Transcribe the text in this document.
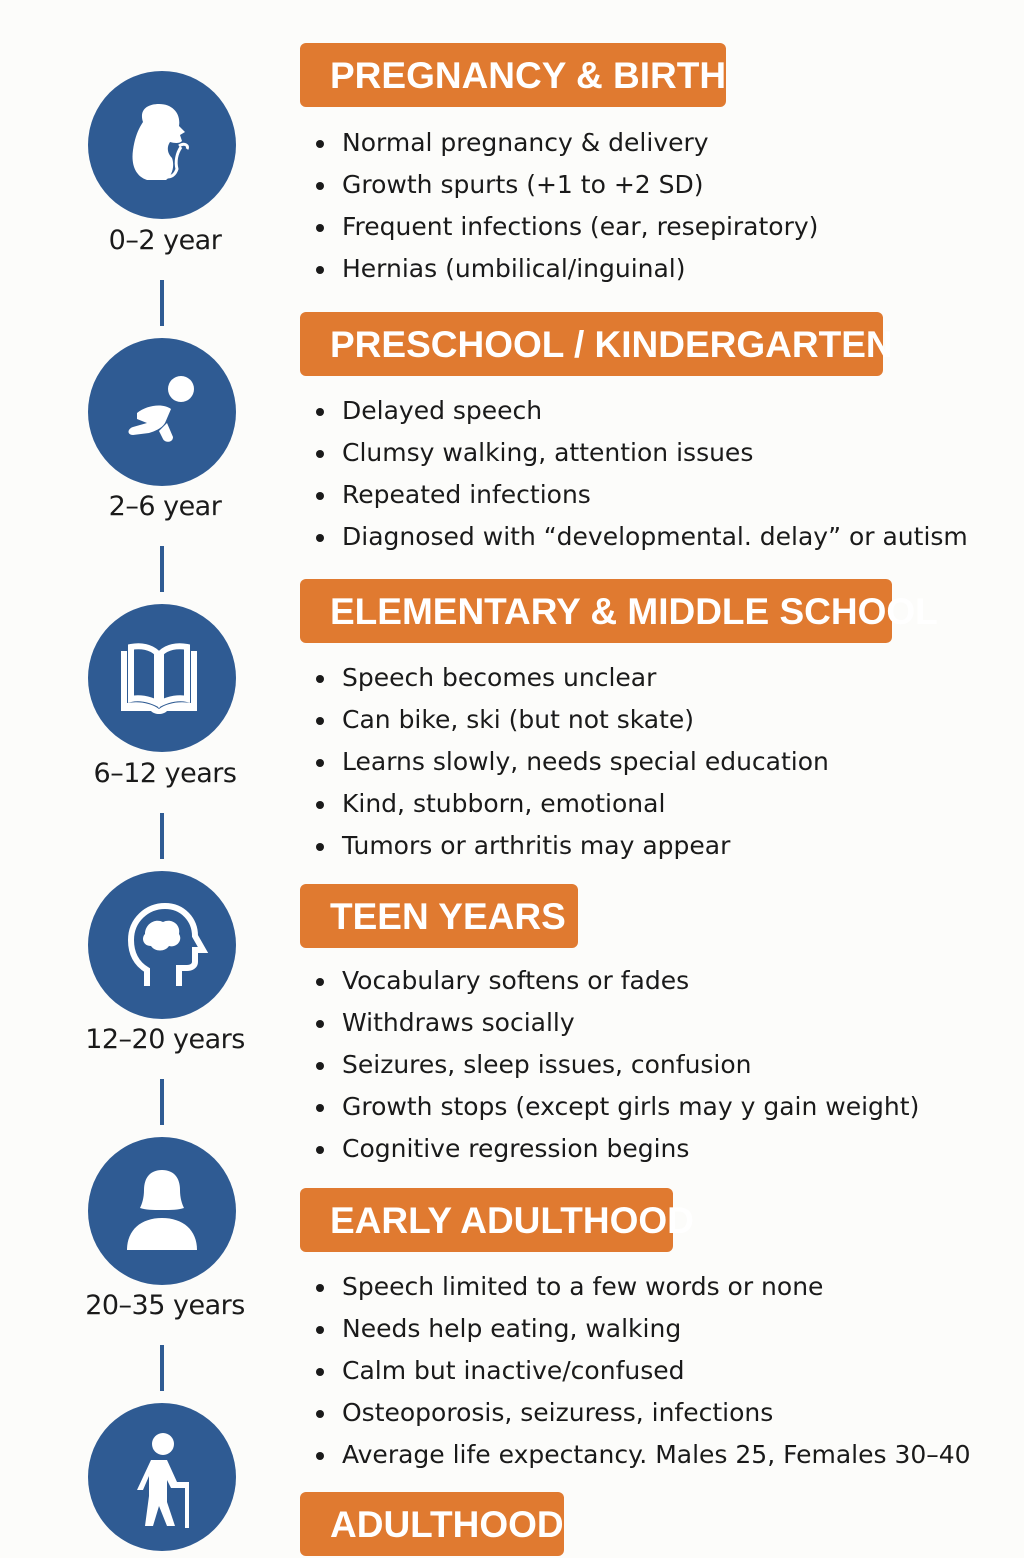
0–2 year
PREGNANCY & BIRTH
Normal pregnancy & delivery
Growth spurts (+1 to +2 SD)
Frequent infections (ear, resepiratory)
Hernias (umbilical/inguinal)
2–6 year
PRESCHOOL / KINDERGARTEN
Delayed speech
Clumsy walking, attention issues
Repeated infections
Diagnosed with “developmental. delay” or autism
6–12 years
ELEMENTARY & MIDDLE SCHOOL
Speech becomes unclear
Can bike, ski (but not skate)
Learns slowly, needs special education
Kind, stubborn, emotional
Tumors or arthritis may appear
12–20 years
TEEN YEARS
Vocabulary softens or fades
Withdraws socially
Seizures, sleep issues, confusion
Growth stops (except girls may y gain weight)
Cognitive regression begins
20–35 years
EARLY ADULTHOOD
Speech limited to a few words or none
Needs help eating, walking
Calm but inactive/confused
Osteoporosis, seizuress, infections
Average life expectancy. Males 25, Females 30–40
ADULTHOOD
